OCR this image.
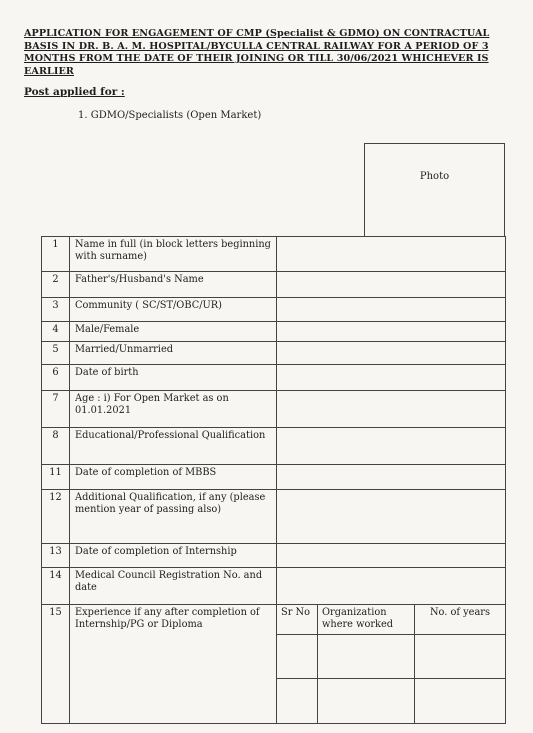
APPLICATION FOR ENGAGEMENT OF CMP (Specialist & GDMO) ON CONTRACTUAL BASIS IN DR. B. A. M. HOSPITAL/BYCULLA CENTRAL RAILWAY FOR A PERIOD OF 3 MONTHS FROM THE DATE OF THEIR JOINING OR TILL 30/06/2021 WHICHEVER IS EARLIER
Post applied for :
1. GDMO/Specialists (Open Market)
Photo
1	Name in full (in block letters beginning with surname)			
2	Father's/Husband's Name			
3	Community ( SC/ST/OBC/UR)			
4	Male/Female			
5	Married/Unmarried			
6	Date of birth			
7	Age : i) For Open Market as on 01.01.2021			
8	Educational/Professional Qualification			
11	Date of completion of MBBS			
12	Additional Qualification, if any (please mention year of passing also)			
13	Date of completion of Internship			
14	Medical Council Registration No. and date			
15	Experience if any after completion of Internship/PG or Diploma	Sr No	Organization where worked	No. of years
